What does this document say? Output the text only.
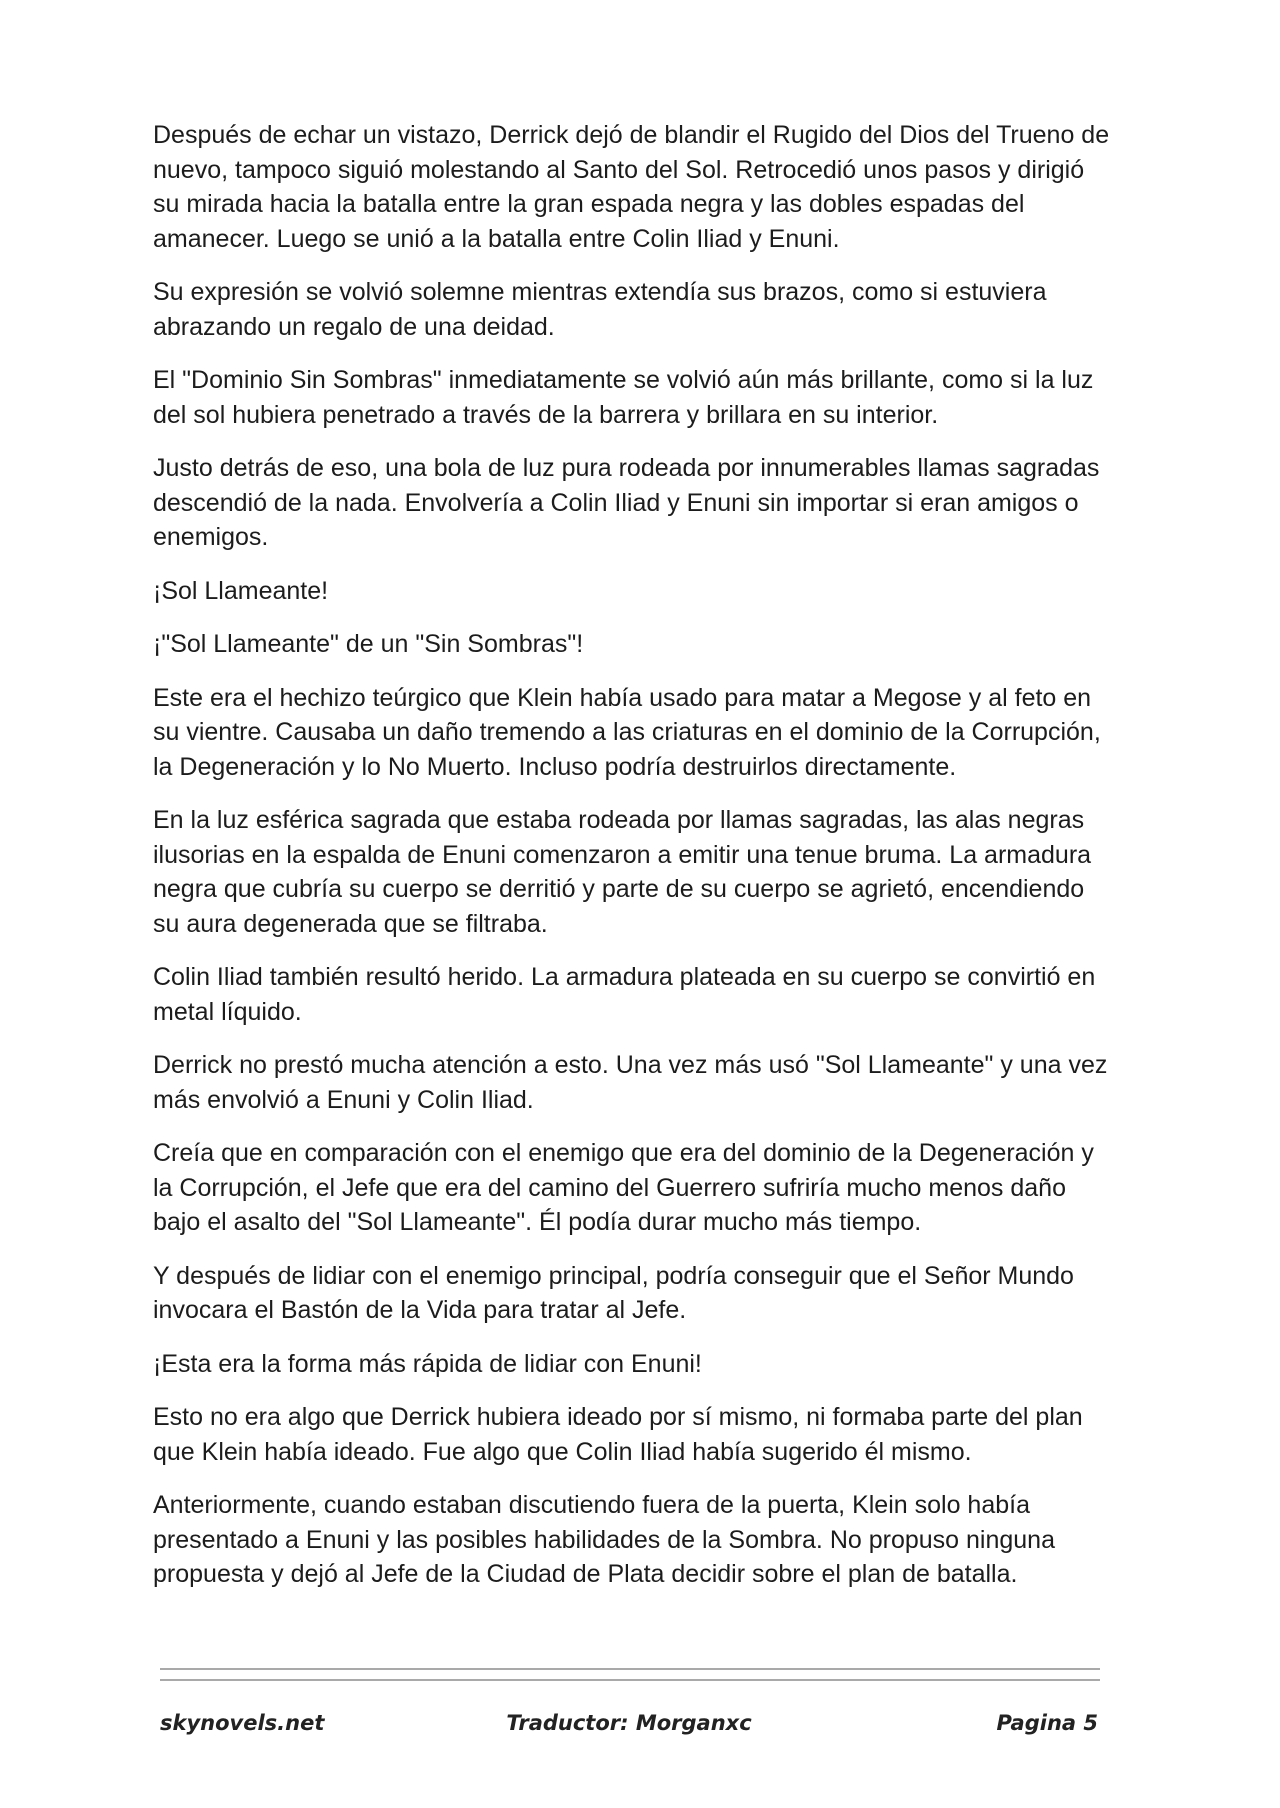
Después de echar un vistazo, Derrick dejó de blandir el Rugido del Dios del Trueno de nuevo, tampoco siguió molestando al Santo del Sol. Retrocedió unos pasos y dirigió su mirada hacia la batalla entre la gran espada negra y las dobles espadas del amanecer. Luego se unió a la batalla entre Colin Iliad y Enuni.

Su expresión se volvió solemne mientras extendía sus brazos, como si estuviera abrazando un regalo de una deidad.

El "Dominio Sin Sombras" inmediatamente se volvió aún más brillante, como si la luz del sol hubiera penetrado a través de la barrera y brillara en su interior.

Justo detrás de eso, una bola de luz pura rodeada por innumerables llamas sagradas descendió de la nada. Envolvería a Colin Iliad y Enuni sin importar si eran amigos o enemigos.

¡Sol Llameante!

¡"Sol Llameante" de un "Sin Sombras"!

Este era el hechizo teúrgico que Klein había usado para matar a Megose y al feto en su vientre. Causaba un daño tremendo a las criaturas en el dominio de la Corrupción, la Degeneración y lo No Muerto. Incluso podría destruirlos directamente.

En la luz esférica sagrada que estaba rodeada por llamas sagradas, las alas negras ilusorias en la espalda de Enuni comenzaron a emitir una tenue bruma. La armadura negra que cubría su cuerpo se derritió y parte de su cuerpo se agrietó, encendiendo su aura degenerada que se filtraba.

Colin Iliad también resultó herido. La armadura plateada en su cuerpo se convirtió en metal líquido.

Derrick no prestó mucha atención a esto. Una vez más usó "Sol Llameante" y una vez más envolvió a Enuni y Colin Iliad.

Creía que en comparación con el enemigo que era del dominio de la Degeneración y la Corrupción, el Jefe que era del camino del Guerrero sufriría mucho menos daño bajo el asalto del "Sol Llameante". Él podía durar mucho más tiempo.

Y después de lidiar con el enemigo principal, podría conseguir que el Señor Mundo invocara el Bastón de la Vida para tratar al Jefe.

¡Esta era la forma más rápida de lidiar con Enuni!

Esto no era algo que Derrick hubiera ideado por sí mismo, ni formaba parte del plan que Klein había ideado. Fue algo que Colin Iliad había sugerido él mismo.

Anteriormente, cuando estaban discutiendo fuera de la puerta, Klein solo había presentado a Enuni y las posibles habilidades de la Sombra. No propuso ninguna propuesta y dejó al Jefe de la Ciudad de Plata decidir sobre el plan de batalla.

skynovels.net	Traductor: Morganxc	Pagina 5
